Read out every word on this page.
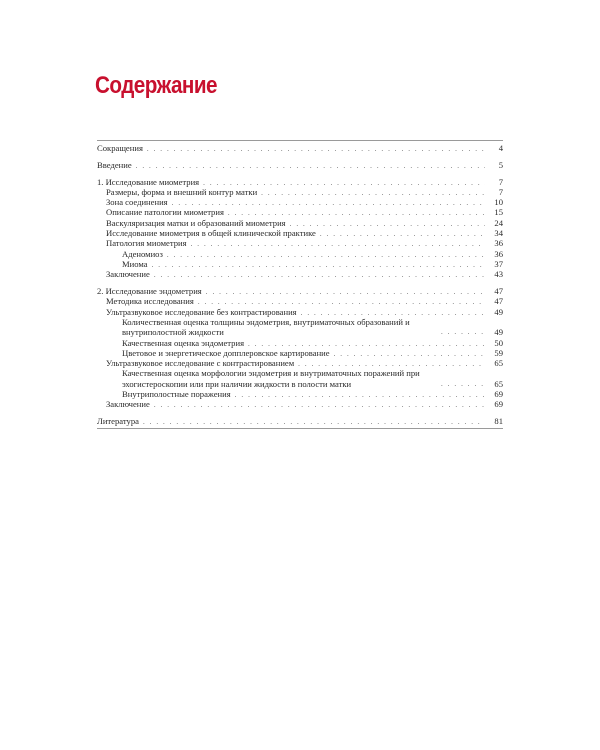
Содержание
Сокращения . . .	4
Введение . . .	5
1. Исследование миометрия . . .	7
Размеры, форма и внешний контур матки . . .	7
Зона соединения . . .	10
Описание патологии миометрия . . .	15
Васкуляризация матки и образований миометрия . . .	24
Исследование миометрия в общей клинической практике . . .	34
Патология миометрия . . .	36
Аденомиоз . . .	36
Миома . . .	37
Заключение . . .	43
2. Исследование эндометрия . . .	47
Методика исследования . . .	47
Ультразвуковое исследование без контрастирования . . .	49
Количественная оценка толщины эндометрия, внутриматочных образований и внутриполостной жидкости . . .	49
Качественная оценка эндометрия . . .	50
Цветовое и энергетическое допплеровское картирование . . .	59
Ультразвуковое исследование с контрастированием . . .	65
Качественная оценка морфологии эндометрия и внутриматочных поражений при эхогистероскопии или при наличии жидкости в полости матки . . .	65
Внутриполостные поражения . . .	69
Заключение . . .	69
Литература . . .	81
